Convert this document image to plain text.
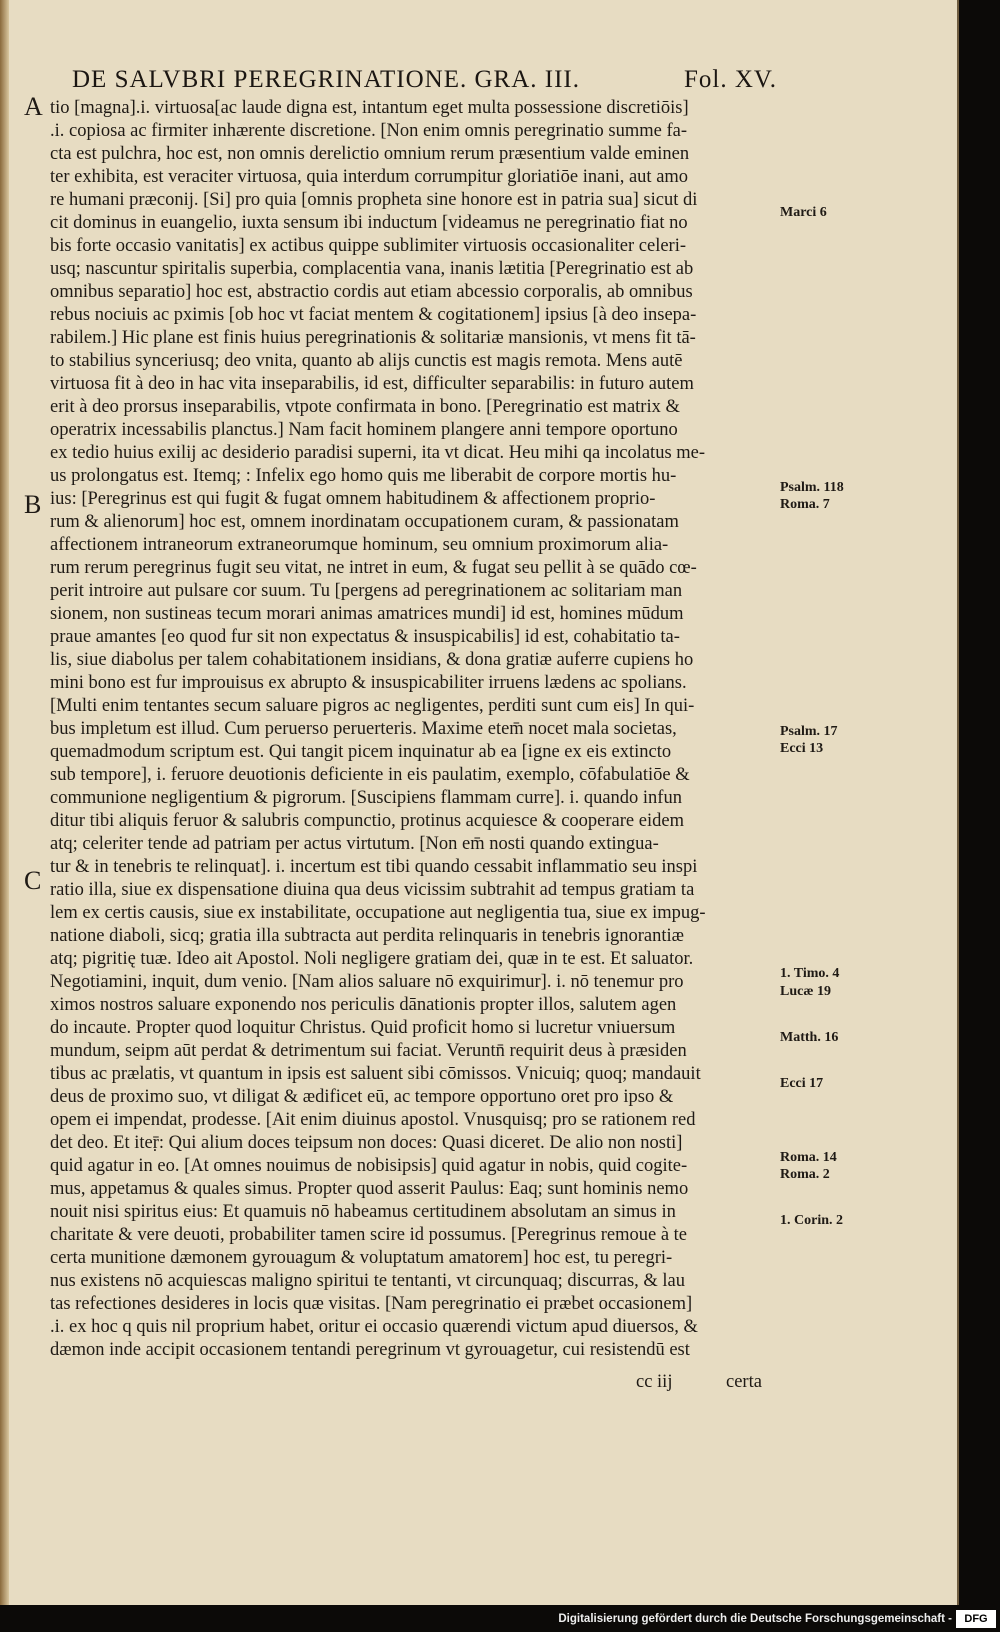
DE SALVBRI PEREGRINATIONE. GRA. III.	Fol. XV.
A
B
C
tio [magna].i. virtuosa[ac laude digna est, intantum eget multa possessione discretiōis]
.i. copiosa ac firmiter inhærente discretione. [Non enim omnis peregrinatio summe fa-
cta est pulchra, hoc est, non omnis derelictio omnium rerum præsentium valde eminen
ter exhibita, est veraciter virtuosa, quia interdum corrumpitur gloriatiōe inani, aut amo
re humani præconij. [Si] pro quia [omnis propheta sine honore est in patria sua] sicut di
cit dominus in euangelio, iuxta sensum ibi inductum [videamus ne peregrinatio fiat no
bis forte occasio vanitatis] ex actibus quippe sublimiter virtuosis occasionaliter celeri-
usq; nascuntur spiritalis superbia, complacentia vana, inanis lætitia [Peregrinatio est ab
omnibus separatio] hoc est, abstractio cordis aut etiam abcessio corporalis, ab omnibus
rebus nociuis ac pximis [ob hoc vt faciat mentem & cogitationem] ipsius [à deo insepa-
rabilem.] Hic plane est finis huius peregrinationis & solitariæ mansionis, vt mens fit tā-
to stabilius synceriusq; deo vnita, quanto ab alijs cunctis est magis remota. Mens autē
virtuosa fit à deo in hac vita inseparabilis, id est, difficulter separabilis: in futuro autem
erit à deo prorsus inseparabilis, vtpote confirmata in bono. [Peregrinatio est matrix &
operatrix incessabilis planctus.] Nam facit hominem plangere anni tempore oportuno
ex tedio huius exilij ac desiderio paradisi superni, ita vt dicat. Heu mihi qa incolatus me-
us prolongatus est. Itemq; : Infelix ego homo quis me liberabit de corpore mortis hu-
ius: [Peregrinus est qui fugit & fugat omnem habitudinem & affectionem proprio-
rum & alienorum] hoc est, omnem inordinatam occupationem curam, & passionatam
affectionem intraneorum extraneorumque hominum, seu omnium proximorum alia-
rum rerum peregrinus fugit seu vitat, ne intret in eum, & fugat seu pellit à se quādo cœ-
perit introire aut pulsare cor suum. Tu [pergens ad peregrinationem ac solitariam man
sionem, non sustineas tecum morari animas amatrices mundi] id est, homines mūdum
praue amantes [eo quod fur sit non expectatus & insuspicabilis] id est, cohabitatio ta-
lis, siue diabolus per talem cohabitationem insidians, & dona gratiæ auferre cupiens ho
mini bono est fur improuisus ex abrupto & insuspicabiliter irruens lædens ac spolians.
[Multi enim tentantes secum saluare pigros ac negligentes, perditi sunt cum eis] In qui-
bus impletum est illud. Cum peruerso peruerteris. Maxime etem̄ nocet mala societas,
quemadmodum scriptum est. Qui tangit picem inquinatur ab ea [igne ex eis extincto
sub tempore], i. feruore deuotionis deficiente in eis paulatim, exemplo, cōfabulatiōe &
communione negligentium & pigrorum. [Suscipiens flammam curre]. i. quando infun
ditur tibi aliquis feruor & salubris compunctio, protinus acquiesce & cooperare eidem
atq; celeriter tende ad patriam per actus virtutum. [Non em̄ nosti quando extingua-
tur & in tenebris te relinquat]. i. incertum est tibi quando cessabit inflammatio seu inspi
ratio illa, siue ex dispensatione diuina qua deus vicissim subtrahit ad tempus gratiam ta
lem ex certis causis, siue ex instabilitate, occupatione aut negligentia tua, siue ex impug-
natione diaboli, sicq; gratia illa subtracta aut perdita relinquaris in tenebris ignorantiæ
atq; pigritię tuæ. Ideo ait Apostol. Noli negligere gratiam dei, quæ in te est. Et saluator.
Negotiamini, inquit, dum venio. [Nam alios saluare nō exquirimur]. i. nō tenemur pro
ximos nostros saluare exponendo nos periculis dānationis propter illos, salutem agen
do incaute. Propter quod loquitur Christus. Quid proficit homo si lucretur vniuersum
mundum, seipm aūt perdat & detrimentum sui faciat. Veruntn̄ requirit deus à præsiden
tibus ac prælatis, vt quantum in ipsis est saluent sibi cōmissos. Vnicuiq; quoq; mandauit
deus de proximo suo, vt diligat & ædificet eū, ac tempore opportuno oret pro ipso &
opem ei impendat, prodesse. [Ait enim diuinus apostol. Vnusquisq; pro se rationem red
det deo. Et iteṝ: Qui alium doces teipsum non doces: Quasi diceret. De alio non nosti]
quid agatur in eo. [At omnes nouimus de nobisipsis] quid agatur in nobis, quid cogite-
mus, appetamus & quales simus. Propter quod asserit Paulus: Eaq; sunt hominis nemo
nouit nisi spiritus eius: Et quamuis nō habeamus certitudinem absolutam an simus in
charitate & vere deuoti, probabiliter tamen scire id possumus. [Peregrinus remoue à te
certa munitione dæmonem gyrouagum & voluptatum amatorem] hoc est, tu peregri-
nus existens nō acquiescas maligno spiritui te tentanti, vt circunquaq; discurras, & lau
tas refectiones desideres in locis quæ visitas. [Nam peregrinatio ei præbet occasionem]
.i. ex hoc q quis nil proprium habet, oritur ei occasio quærendi victum apud diuersos, &
dæmon inde accipit occasionem tentandi peregrinum vt gyrouagetur, cui resistendū est
Marci 6
Psalm. 118
Roma. 7
Psalm. 17
Ecci 13
1. Timo. 4
Lucæ 19
Matth. 16
Ecci 17
Roma. 14
Roma. 2
1. Corin. 2
cc iij	certa
Digitalisierung gefördert durch die Deutsche Forschungsgemeinschaft -	DFG
